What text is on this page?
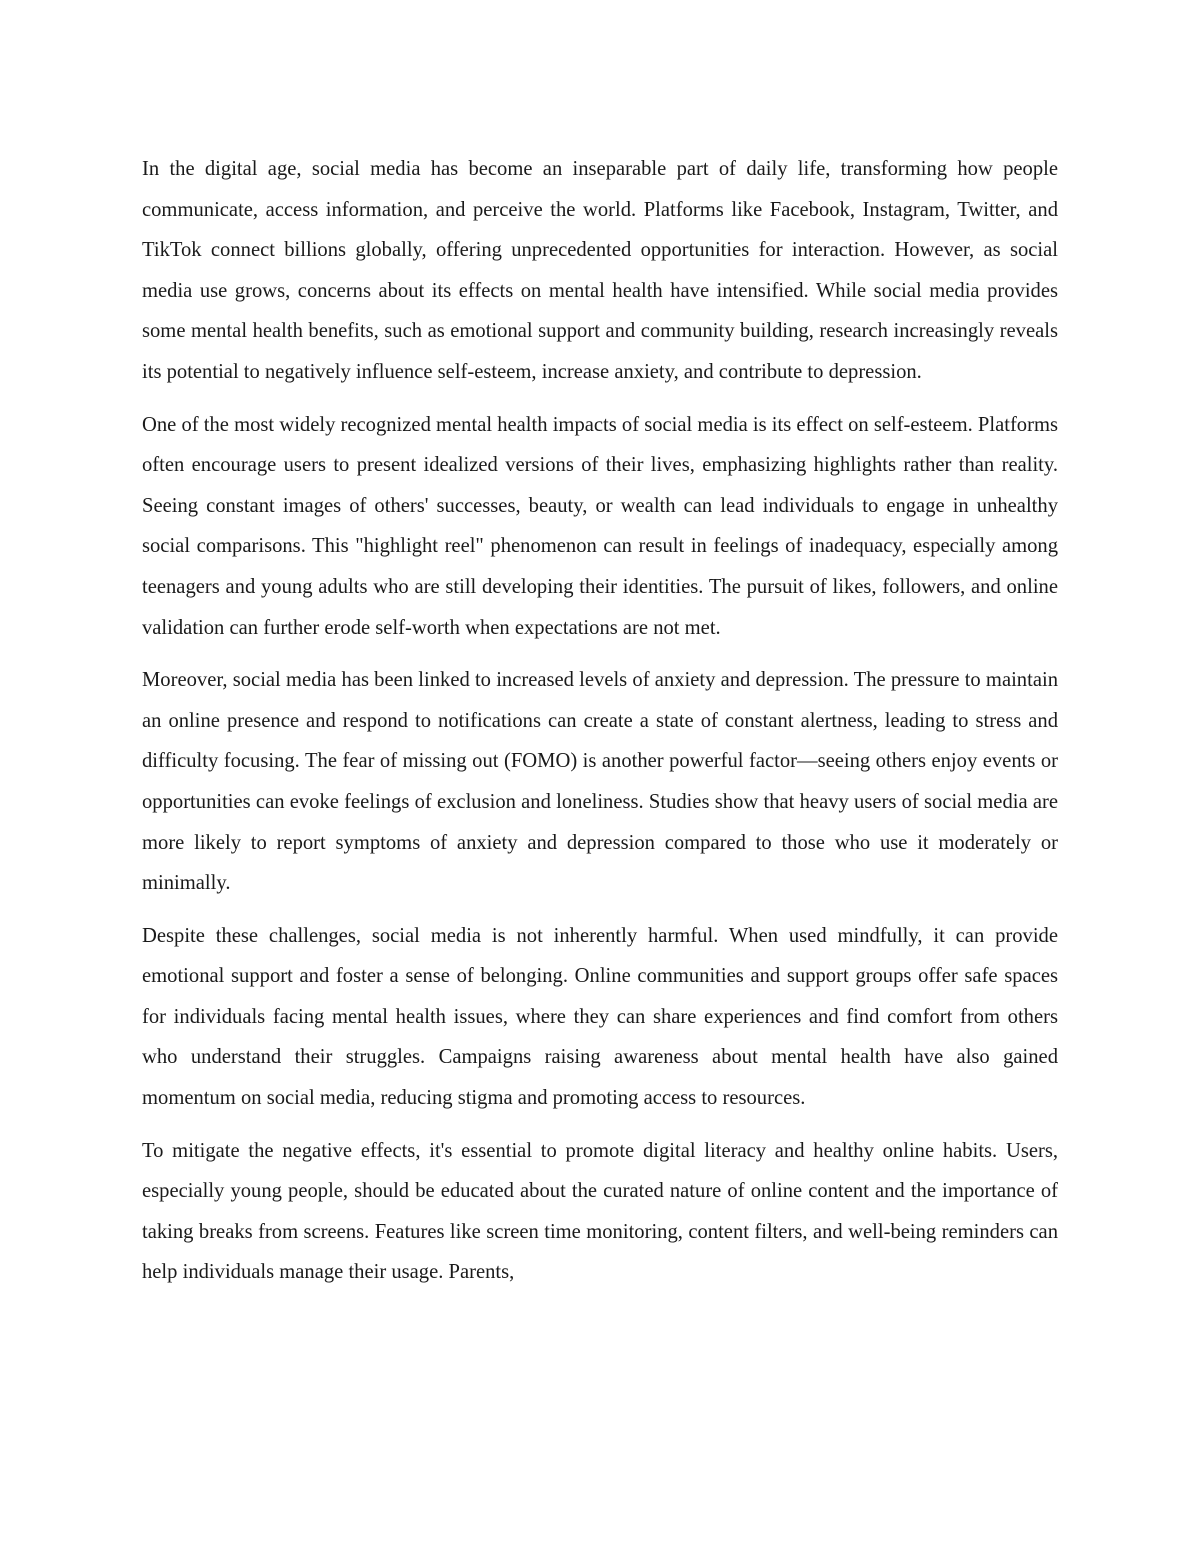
In the digital age, social media has become an inseparable part of daily life, transforming how people communicate, access information, and perceive the world. Platforms like Facebook, Instagram, Twitter, and TikTok connect billions globally, offering unprecedented opportunities for interaction. However, as social media use grows, concerns about its effects on mental health have intensified. While social media provides some mental health benefits, such as emotional support and community building, research increasingly reveals its potential to negatively influence self-esteem, increase anxiety, and contribute to depression.

One of the most widely recognized mental health impacts of social media is its effect on self-esteem. Platforms often encourage users to present idealized versions of their lives, emphasizing highlights rather than reality. Seeing constant images of others' successes, beauty, or wealth can lead individuals to engage in unhealthy social comparisons. This "highlight reel" phenomenon can result in feelings of inadequacy, especially among teenagers and young adults who are still developing their identities. The pursuit of likes, followers, and online validation can further erode self-worth when expectations are not met.

Moreover, social media has been linked to increased levels of anxiety and depression. The pressure to maintain an online presence and respond to notifications can create a state of constant alertness, leading to stress and difficulty focusing. The fear of missing out (FOMO) is another powerful factor—seeing others enjoy events or opportunities can evoke feelings of exclusion and loneliness. Studies show that heavy users of social media are more likely to report symptoms of anxiety and depression compared to those who use it moderately or minimally.

Despite these challenges, social media is not inherently harmful. When used mindfully, it can provide emotional support and foster a sense of belonging. Online communities and support groups offer safe spaces for individuals facing mental health issues, where they can share experiences and find comfort from others who understand their struggles. Campaigns raising awareness about mental health have also gained momentum on social media, reducing stigma and promoting access to resources.

To mitigate the negative effects, it's essential to promote digital literacy and healthy online habits. Users, especially young people, should be educated about the curated nature of online content and the importance of taking breaks from screens. Features like screen time monitoring, content filters, and well-being reminders can help individuals manage their usage. Parents,
